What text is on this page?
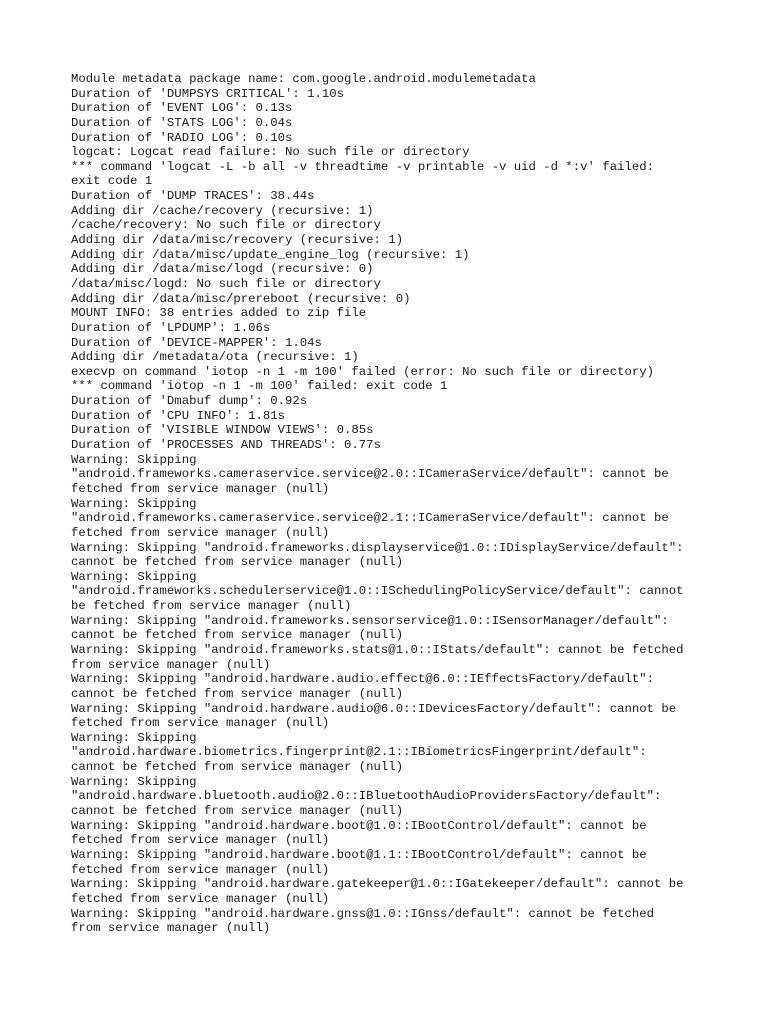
Module metadata package name: com.google.android.modulemetadata
Duration of 'DUMPSYS CRITICAL': 1.10s
Duration of 'EVENT LOG': 0.13s
Duration of 'STATS LOG': 0.04s
Duration of 'RADIO LOG': 0.10s
logcat: Logcat read failure: No such file or directory
*** command 'logcat -L -b all -v threadtime -v printable -v uid -d *:v' failed:
exit code 1
Duration of 'DUMP TRACES': 38.44s
Adding dir /cache/recovery (recursive: 1)
/cache/recovery: No such file or directory
Adding dir /data/misc/recovery (recursive: 1)
Adding dir /data/misc/update_engine_log (recursive: 1)
Adding dir /data/misc/logd (recursive: 0)
/data/misc/logd: No such file or directory
Adding dir /data/misc/prereboot (recursive: 0)
MOUNT INFO: 38 entries added to zip file
Duration of 'LPDUMP': 1.06s
Duration of 'DEVICE-MAPPER': 1.04s
Adding dir /metadata/ota (recursive: 1)
execvp on command 'iotop -n 1 -m 100' failed (error: No such file or directory)
*** command 'iotop -n 1 -m 100' failed: exit code 1
Duration of 'Dmabuf dump': 0.92s
Duration of 'CPU INFO': 1.81s
Duration of 'VISIBLE WINDOW VIEWS': 0.85s
Duration of 'PROCESSES AND THREADS': 0.77s
Warning: Skipping
"android.frameworks.cameraservice.service@2.0::ICameraService/default": cannot be
fetched from service manager (null)
Warning: Skipping
"android.frameworks.cameraservice.service@2.1::ICameraService/default": cannot be
fetched from service manager (null)
Warning: Skipping "android.frameworks.displayservice@1.0::IDisplayService/default":
cannot be fetched from service manager (null)
Warning: Skipping
"android.frameworks.schedulerservice@1.0::ISchedulingPolicyService/default": cannot
be fetched from service manager (null)
Warning: Skipping "android.frameworks.sensorservice@1.0::ISensorManager/default":
cannot be fetched from service manager (null)
Warning: Skipping "android.frameworks.stats@1.0::IStats/default": cannot be fetched
from service manager (null)
Warning: Skipping "android.hardware.audio.effect@6.0::IEffectsFactory/default":
cannot be fetched from service manager (null)
Warning: Skipping "android.hardware.audio@6.0::IDevicesFactory/default": cannot be
fetched from service manager (null)
Warning: Skipping
"android.hardware.biometrics.fingerprint@2.1::IBiometricsFingerprint/default":
cannot be fetched from service manager (null)
Warning: Skipping
"android.hardware.bluetooth.audio@2.0::IBluetoothAudioProvidersFactory/default":
cannot be fetched from service manager (null)
Warning: Skipping "android.hardware.boot@1.0::IBootControl/default": cannot be
fetched from service manager (null)
Warning: Skipping "android.hardware.boot@1.1::IBootControl/default": cannot be
fetched from service manager (null)
Warning: Skipping "android.hardware.gatekeeper@1.0::IGatekeeper/default": cannot be
fetched from service manager (null)
Warning: Skipping "android.hardware.gnss@1.0::IGnss/default": cannot be fetched
from service manager (null)
